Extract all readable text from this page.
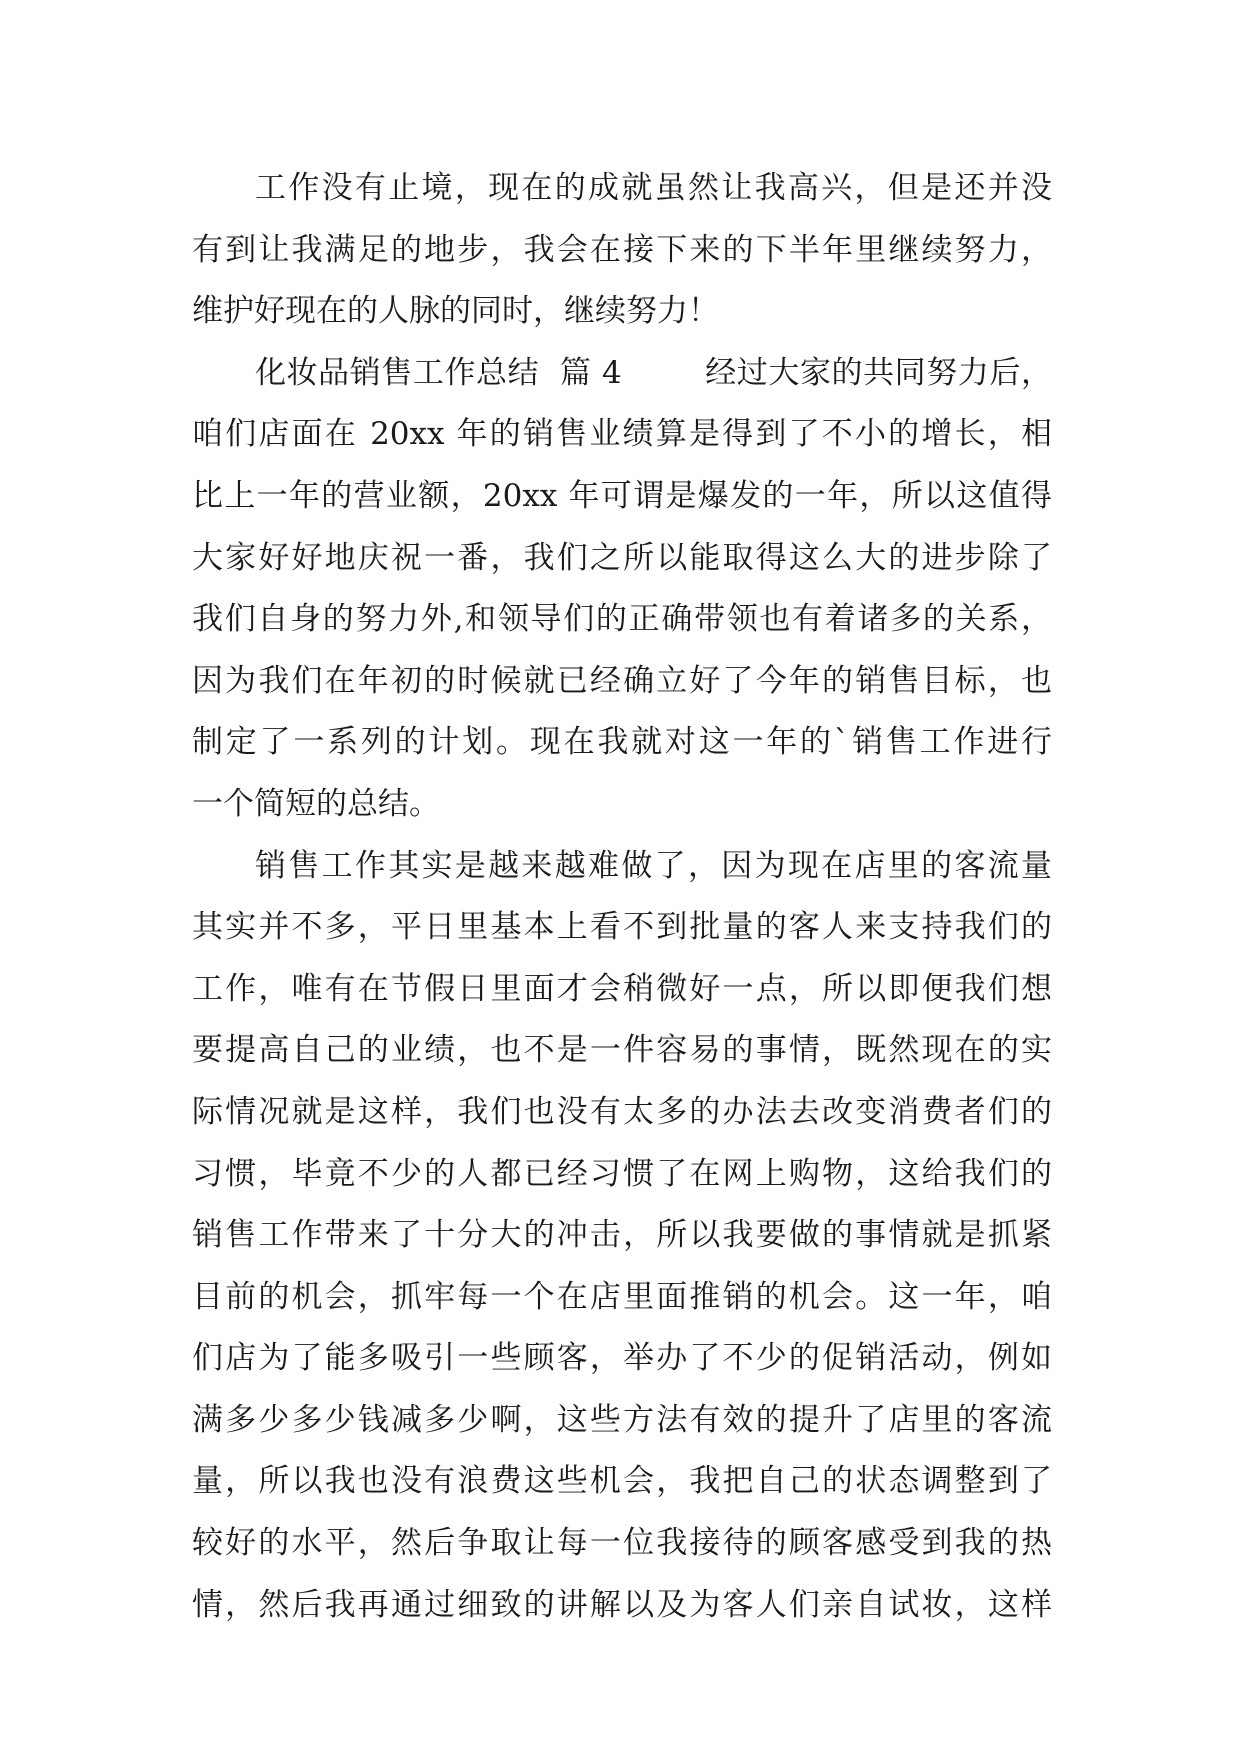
工作没有止境，现在的成就虽然让我高兴，但是还并没
有到让我满足的地步，我会在接下来的下半年里继续努力，
维护好现在的人脉的同时，继续努力！
化妆品销售工作总结  篇 4        经过大家的共同努力后，
咱们店面在 20xx 年的销售业绩算是得到了不小的增长，相
比上一年的营业额，20xx 年可谓是爆发的一年，所以这值得
大家好好地庆祝一番，我们之所以能取得这么大的进步除了
我们自身的努力外,和领导们的正确带领也有着诸多的关系，
因为我们在年初的时候就已经确立好了今年的销售目标，也
制定了一系列的计划。现在我就对这一年的`销售工作进行
一个简短的总结。
销售工作其实是越来越难做了，因为现在店里的客流量
其实并不多，平日里基本上看不到批量的客人来支持我们的
工作，唯有在节假日里面才会稍微好一点，所以即便我们想
要提高自己的业绩，也不是一件容易的事情，既然现在的实
际情况就是这样，我们也没有太多的办法去改变消费者们的
习惯，毕竟不少的人都已经习惯了在网上购物，这给我们的
销售工作带来了十分大的冲击，所以我要做的事情就是抓紧
目前的机会，抓牢每一个在店里面推销的机会。这一年，咱
们店为了能多吸引一些顾客，举办了不少的促销活动，例如
满多少多少钱减多少啊，这些方法有效的提升了店里的客流
量，所以我也没有浪费这些机会，我把自己的状态调整到了
较好的水平，然后争取让每一位我接待的顾客感受到我的热
情，然后我再通过细致的讲解以及为客人们亲自试妆，这样
